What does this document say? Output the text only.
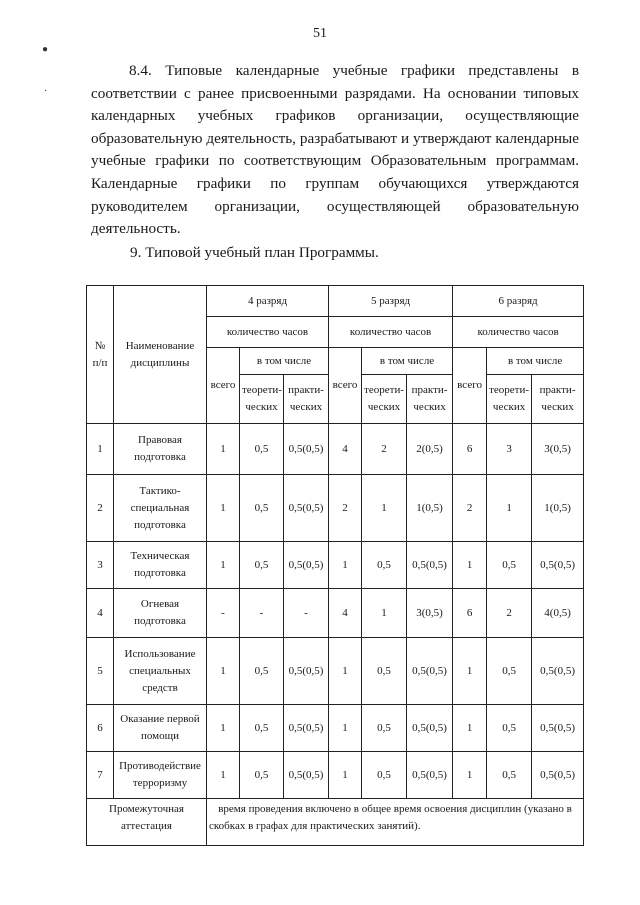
51
●
·

8.4. Типовые календарные учебные графики представлены в соответствии с ранее присвоенными разрядами. На основании типовых календарных учебных графиков организации, осуществляющие образовательную деятельность, разрабатывают и утверждают календарные учебные графики по соответствующим Образовательным программам. Календарные графики по группам обучающихся утверждаются руководителем организации, осуществляющей образовательную деятельность.

9. Типовой учебный план Программы.
№ п/п	Наименование дисциплины	4 разряд			5 разряд			6 разряд		
		количество часов			количество часов			количество часов		
		всего	в том числе		всего	в том числе		всего	в том числе	
			теорети-ческих	практи-ческих		теорети-ческих	практи-ческих		теорети-ческих	практи-ческих
1	Правовая подготовка	1	0,5	0,5(0,5)	4	2	2(0,5)	6	3	3(0,5)
2	Тактико-специальная подготовка	1	0,5	0,5(0,5)	2	1	1(0,5)	2	1	1(0,5)
3	Техническая подготовка	1	0,5	0,5(0,5)	1	0,5	0,5(0,5)	1	0,5	0,5(0,5)
4	Огневая подготовка	-	-	-	4	1	3(0,5)	6	2	4(0,5)
5	Использование специальных средств	1	0,5	0,5(0,5)	1	0,5	0,5(0,5)	1	0,5	0,5(0,5)
6	Оказание первой помощи	1	0,5	0,5(0,5)	1	0,5	0,5(0,5)	1	0,5	0,5(0,5)
7	Противодействие терроризму	1	0,5	0,5(0,5)	1	0,5	0,5(0,5)	1	0,5	0,5(0,5)
Промежуточная аттестация		время проведения включено в общее время освоения дисциплин (указано в скобках в графах для практических занятий).								
